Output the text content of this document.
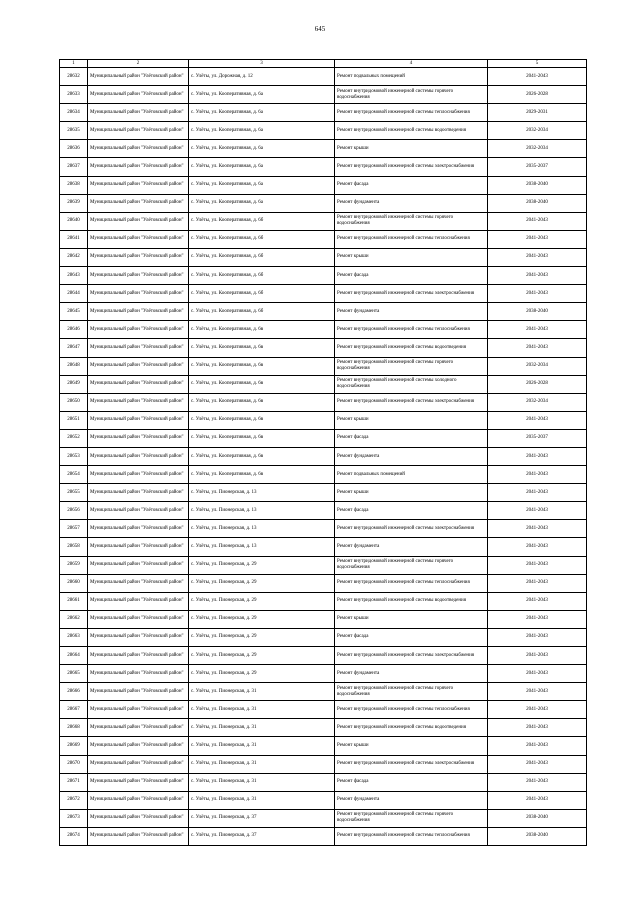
645
1	2	3	4	5
28632	Муниципальный район "Улётовский район"	с. Улёты, ул. Дорожная, д. 12	Ремонт подвальных помещений	2041-2043
28633	Муниципальный район "Улётовский район"	с. Улёты, ул. Кооперативная, д. 6а	Ремонт внутридомовой инженерной системы горячего водоснабжения	2026-2028
28634	Муниципальный район "Улётовский район"	с. Улёты, ул. Кооперативная, д. 6а	Ремонт внутридомовой инженерной системы теплоснабжения	2029-2031
28635	Муниципальный район "Улётовский район"	с. Улёты, ул. Кооперативная, д. 6а	Ремонт внутридомовой инженерной системы водоотведения	2032-2034
28636	Муниципальный район "Улётовский район"	с. Улёты, ул. Кооперативная, д. 6а	Ремонт крыши	2032-2034
28637	Муниципальный район "Улётовский район"	с. Улёты, ул. Кооперативная, д. 6а	Ремонт внутридомовой инженерной системы электроснабжения	2035-2037
28638	Муниципальный район "Улётовский район"	с. Улёты, ул. Кооперативная, д. 6а	Ремонт фасада	2038-2040
28639	Муниципальный район "Улётовский район"	с. Улёты, ул. Кооперативная, д. 6а	Ремонт фундамента	2038-2040
28640	Муниципальный район "Улётовский район"	с. Улёты, ул. Кооперативная, д. 6б	Ремонт внутридомовой инженерной системы горячего водоснабжения	2041-2043
28641	Муниципальный район "Улётовский район"	с. Улёты, ул. Кооперативная, д. 6б	Ремонт внутридомовой инженерной системы теплоснабжения	2041-2043
28642	Муниципальный район "Улётовский район"	с. Улёты, ул. Кооперативная, д. 6б	Ремонт крыши	2041-2043
28643	Муниципальный район "Улётовский район"	с. Улёты, ул. Кооперативная, д. 6б	Ремонт фасада	2041-2043
28644	Муниципальный район "Улётовский район"	с. Улёты, ул. Кооперативная, д. 6б	Ремонт внутридомовой инженерной системы электроснабжения	2041-2043
28645	Муниципальный район "Улётовский район"	с. Улёты, ул. Кооперативная, д. 6б	Ремонт фундамента	2038-2040
28646	Муниципальный район "Улётовский район"	с. Улёты, ул. Кооперативная, д. 6в	Ремонт внутридомовой инженерной системы теплоснабжения	2041-2043
28647	Муниципальный район "Улётовский район"	с. Улёты, ул. Кооперативная, д. 6в	Ремонт внутридомовой инженерной системы водоотведения	2041-2043
28648	Муниципальный район "Улётовский район"	с. Улёты, ул. Кооперативная, д. 6в	Ремонт внутридомовой инженерной системы горячего водоснабжения	2032-2034
28649	Муниципальный район "Улётовский район"	с. Улёты, ул. Кооперативная, д. 6в	Ремонт внутридомовой инженерной системы холодного водоснабжения	2026-2028
28650	Муниципальный район "Улётовский район"	с. Улёты, ул. Кооперативная, д. 6в	Ремонт внутридомовой инженерной системы электроснабжения	2032-2034
28651	Муниципальный район "Улётовский район"	с. Улёты, ул. Кооперативная, д. 6в	Ремонт крыши	2041-2043
28652	Муниципальный район "Улётовский район"	с. Улёты, ул. Кооперативная, д. 6в	Ремонт фасада	2035-2037
28653	Муниципальный район "Улётовский район"	с. Улёты, ул. Кооперативная, д. 6в	Ремонт фундамента	2041-2043
28654	Муниципальный район "Улётовский район"	с. Улёты, ул. Кооперативная, д. 6в	Ремонт подвальных помещений	2041-2043
28655	Муниципальный район "Улётовский район"	с. Улёты, ул. Пионерская, д. 13	Ремонт крыши	2041-2043
28656	Муниципальный район "Улётовский район"	с. Улёты, ул. Пионерская, д. 13	Ремонт фасада	2041-2043
28657	Муниципальный район "Улётовский район"	с. Улёты, ул. Пионерская, д. 13	Ремонт внутридомовой инженерной системы электроснабжения	2041-2043
28658	Муниципальный район "Улётовский район"	с. Улёты, ул. Пионерская, д. 13	Ремонт фундамента	2041-2043
28659	Муниципальный район "Улётовский район"	с. Улёты, ул. Пионерская, д. 29	Ремонт внутридомовой инженерной системы горячего водоснабжения	2041-2043
28660	Муниципальный район "Улётовский район"	с. Улёты, ул. Пионерская, д. 29	Ремонт внутридомовой инженерной системы теплоснабжения	2041-2043
28661	Муниципальный район "Улётовский район"	с. Улёты, ул. Пионерская, д. 29	Ремонт внутридомовой инженерной системы водоотведения	2041-2043
28662	Муниципальный район "Улётовский район"	с. Улёты, ул. Пионерская, д. 29	Ремонт крыши	2041-2043
28663	Муниципальный район "Улётовский район"	с. Улёты, ул. Пионерская, д. 29	Ремонт фасада	2041-2043
28664	Муниципальный район "Улётовский район"	с. Улёты, ул. Пионерская, д. 29	Ремонт внутридомовой инженерной системы электроснабжения	2041-2043
28665	Муниципальный район "Улётовский район"	с. Улёты, ул. Пионерская, д. 29	Ремонт фундамента	2041-2043
28666	Муниципальный район "Улётовский район"	с. Улёты, ул. Пионерская, д. 31	Ремонт внутридомовой инженерной системы горячего водоснабжения	2041-2043
28667	Муниципальный район "Улётовский район"	с. Улёты, ул. Пионерская, д. 31	Ремонт внутридомовой инженерной системы теплоснабжения	2041-2043
28668	Муниципальный район "Улётовский район"	с. Улёты, ул. Пионерская, д. 31	Ремонт внутридомовой инженерной системы водоотведения	2041-2043
28669	Муниципальный район "Улётовский район"	с. Улёты, ул. Пионерская, д. 31	Ремонт крыши	2041-2043
28670	Муниципальный район "Улётовский район"	с. Улёты, ул. Пионерская, д. 31	Ремонт внутридомовой инженерной системы электроснабжения	2041-2043
28671	Муниципальный район "Улётовский район"	с. Улёты, ул. Пионерская, д. 31	Ремонт фасада	2041-2043
28672	Муниципальный район "Улётовский район"	с. Улёты, ул. Пионерская, д. 31	Ремонт фундамента	2041-2043
28673	Муниципальный район "Улётовский район"	с. Улёты, ул. Пионерская, д. 37	Ремонт внутридомовой инженерной системы горячего водоснабжения	2038-2040
28674	Муниципальный район "Улётовский район"	с. Улёты, ул. Пионерская, д. 37	Ремонт внутридомовой инженерной системы теплоснабжения	2038-2040
